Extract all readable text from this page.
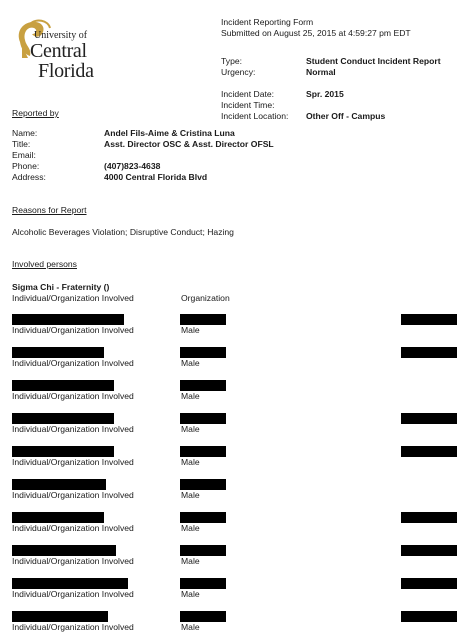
University of
Central
Florida
Incident Reporting Form
Submitted on August 25, 2015 at 4:59:27 pm EDT
Type:	Student Conduct Incident Report
Urgency:	Normal
Incident Date:	Spr. 2015
Incident Time:
Incident Location: Other Off - Campus
Reported by
Name:	Andel Fils-Aime & Cristina Luna
Title:	Asst. Director OSC & Asst. Director OFSL
Email:
Phone:	(407)823-4638
Address:	4000 Central Florida Blvd
Reasons for Report
Alcoholic Beverages Violation; Disruptive Conduct; Hazing
Involved persons
Sigma Chi - Fraternity ()
Individual/Organization Involved	Organization
Individual/Organization Involved	Male
Individual/Organization Involved	Male
Individual/Organization Involved	Male
Individual/Organization Involved	Male
Individual/Organization Involved	Male
Individual/Organization Involved	Male
Individual/Organization Involved	Male
Individual/Organization Involved	Male
Individual/Organization Involved	Male
Individual/Organization Involved	Male
